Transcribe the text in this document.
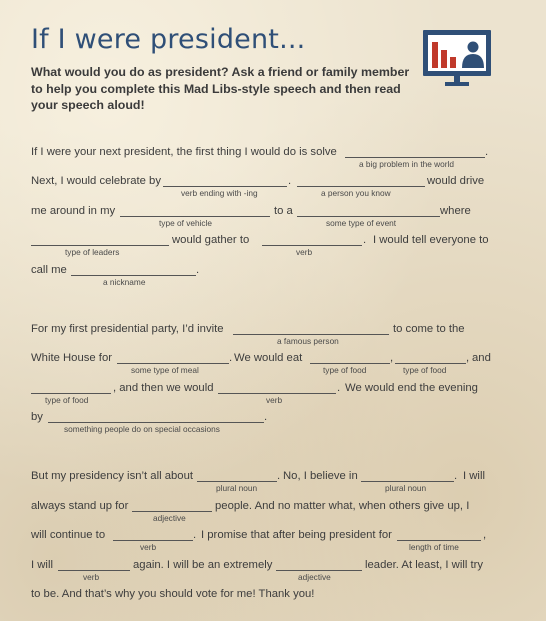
If I were president...
What would you do as president? Ask a friend or family member to help you complete this Mad Libs-style speech and then read your speech aloud!
If I were your next president, the first thing I would do is solve	.
a big problem in the world
Next, I would celebrate by	.
verb ending with -ing	a person you know
would drive
me around in my
type of vehicle
to a
some type of event
where
type of leaders
would gather to	.
verb
I would tell everyone to
call me	.
a nickname
For my first presidential party, I’d invite
a famous person
to come to the
White House for	.
some type of meal
We would eat	,
type of food
,
type of food
and
type of food
, and then we would	.
verb
We would end the evening
by	.
something people do on special occasions
But my presidency isn’t all about	.
plural noun
No, I believe in	.
plural noun
I will
always stand up for
adjective
people. And no matter what, when others give up, I
will continue to	.
verb
I promise that after being president for	,
length of time
I will
verb
again. I will be an extremely
adjective
leader. At least, I will try
to be. And that’s why you should vote for me! Thank you!
